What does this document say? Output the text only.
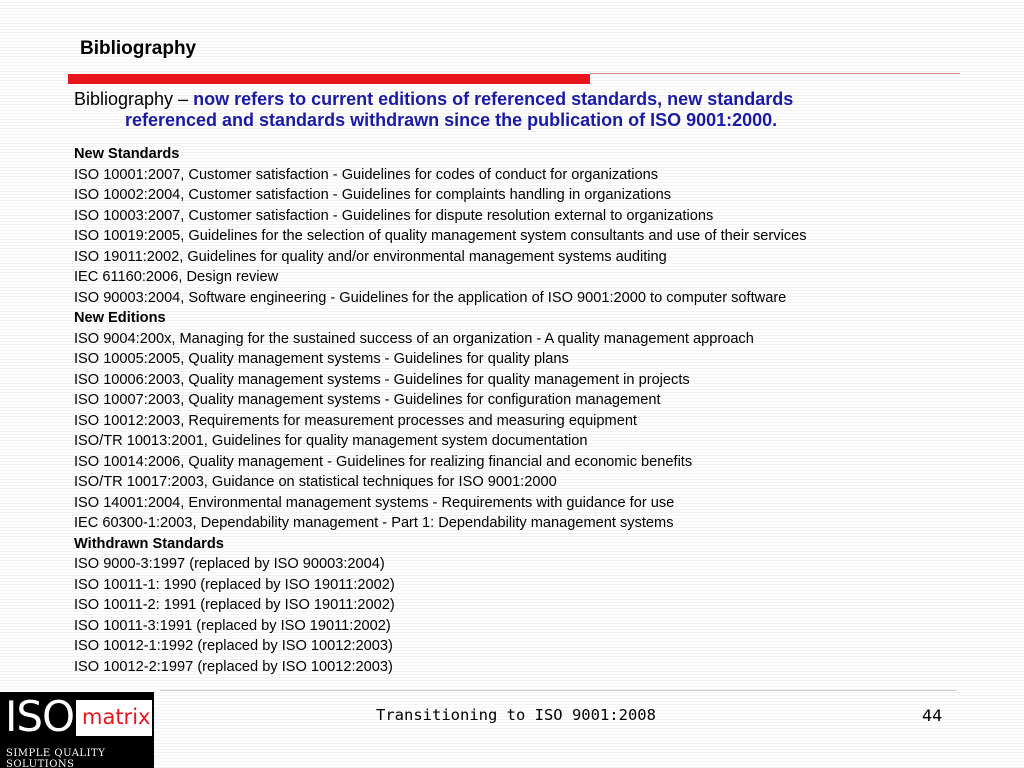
Bibliography
Bibliography – now refers to current editions of referenced standards, new standards
referenced and standards withdrawn since the publication of ISO 9001:2000.
New Standards
ISO 10001:2007, Customer satisfaction - Guidelines for codes of conduct for organizations
ISO 10002:2004, Customer satisfaction - Guidelines for complaints handling in organizations
ISO 10003:2007, Customer satisfaction - Guidelines for dispute resolution external to organizations
ISO 10019:2005, Guidelines for the selection of quality management system consultants and use of their services
ISO 19011:2002, Guidelines for quality and/or environmental management systems auditing
IEC 61160:2006, Design review
ISO 90003:2004, Software engineering - Guidelines for the application of ISO 9001:2000 to computer software
New Editions
ISO 9004:200x, Managing for the sustained success of an organization - A quality management approach
ISO 10005:2005, Quality management systems - Guidelines for quality plans
ISO 10006:2003, Quality management systems - Guidelines for quality management in projects
ISO 10007:2003, Quality management systems - Guidelines for configuration management
ISO 10012:2003, Requirements for measurement processes and measuring equipment
ISO/TR 10013:2001, Guidelines for quality management system documentation
ISO 10014:2006, Quality management - Guidelines for realizing financial and economic benefits
ISO/TR 10017:2003, Guidance on statistical techniques for ISO 9001:2000
ISO 14001:2004, Environmental management systems - Requirements with guidance for use
IEC 60300-1:2003, Dependability management - Part 1: Dependability management systems
Withdrawn Standards
ISO 9000-3:1997 (replaced by ISO 90003:2004)
ISO 10011-1: 1990 (replaced by ISO 19011:2002)
ISO 10011-2: 1991 (replaced by ISO 19011:2002)
ISO 10011-3:1991 (replaced by ISO 19011:2002)
ISO 10012-1:1992 (replaced by ISO 10012:2003)
ISO 10012-2:1997 (replaced by ISO 10012:2003)
ISO matrix
SIMPLE QUALITY SOLUTIONS
Transitioning to ISO 9001:2008	44
